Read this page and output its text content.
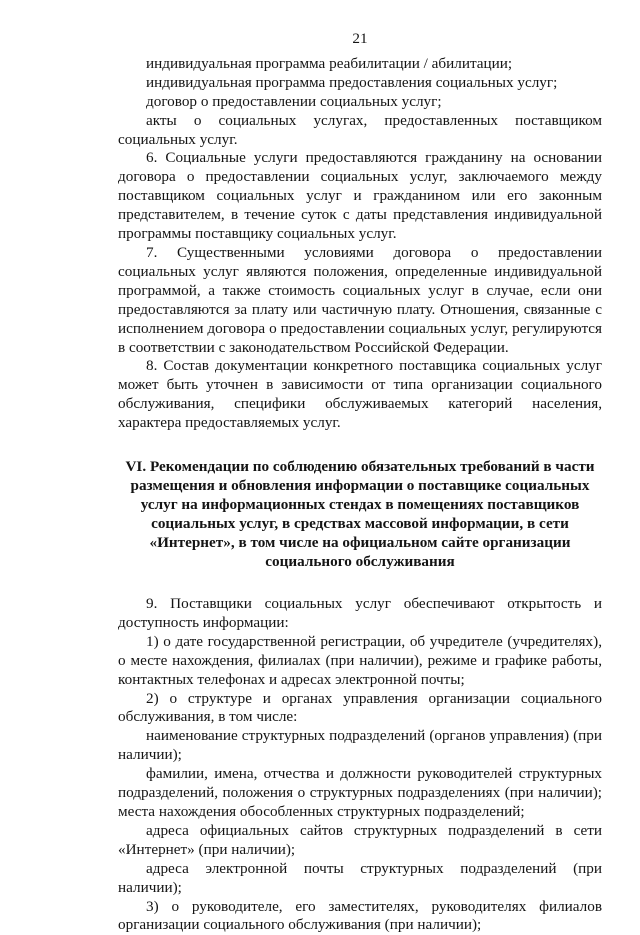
21

индивидуальная программа реабилитации / абилитации;

индивидуальная программа предоставления социальных услуг;

договор о предоставлении социальных услуг;

акты о социальных услугах, предоставленных поставщиком социальных услуг.

6. Социальные услуги предоставляются гражданину на основании договора о предоставлении социальных услуг, заключаемого между поставщиком социальных услуг и гражданином или его законным представителем, в течение суток с даты представления индивидуальной программы поставщику социальных услуг.

7. Существенными условиями договора о предоставлении социальных услуг являются положения, определенные индивидуальной программой, а также стоимость социальных услуг в случае, если они предоставляются за плату или частичную плату. Отношения, связанные с исполнением договора о предоставлении социальных услуг, регулируются в соответствии с законодательством Российской Федерации.

8. Состав документации конкретного поставщика социальных услуг может быть уточнен в зависимости от типа организации социального обслуживания, специфики обслуживаемых категорий населения, характера предоставляемых услуг.

VI. Рекомендации по соблюдению обязательных требований в части
размещения и обновления информации о поставщике социальных
услуг на информационных стендах в помещениях поставщиков
социальных услуг, в средствах массовой информации, в сети
«Интернет», в том числе на официальном сайте организации
социального обслуживания

9. Поставщики социальных услуг обеспечивают открытость и доступность информации:

1) о дате государственной регистрации, об учредителе (учредителях), о месте нахождения, филиалах (при наличии), режиме и графике работы, контактных телефонах и адресах электронной почты;

2) о структуре и органах управления организации социального обслуживания, в том числе:

наименование структурных подразделений (органов управления) (при наличии);

фамилии, имена, отчества и должности руководителей структурных подразделений, положения о структурных подразделениях (при наличии); места нахождения обособленных структурных подразделений;

адреса официальных сайтов структурных подразделений в сети «Интернет» (при наличии);

адреса электронной почты структурных подразделений (при наличии);

3) о руководителе, его заместителях, руководителях филиалов организации социального обслуживания (при наличии);
